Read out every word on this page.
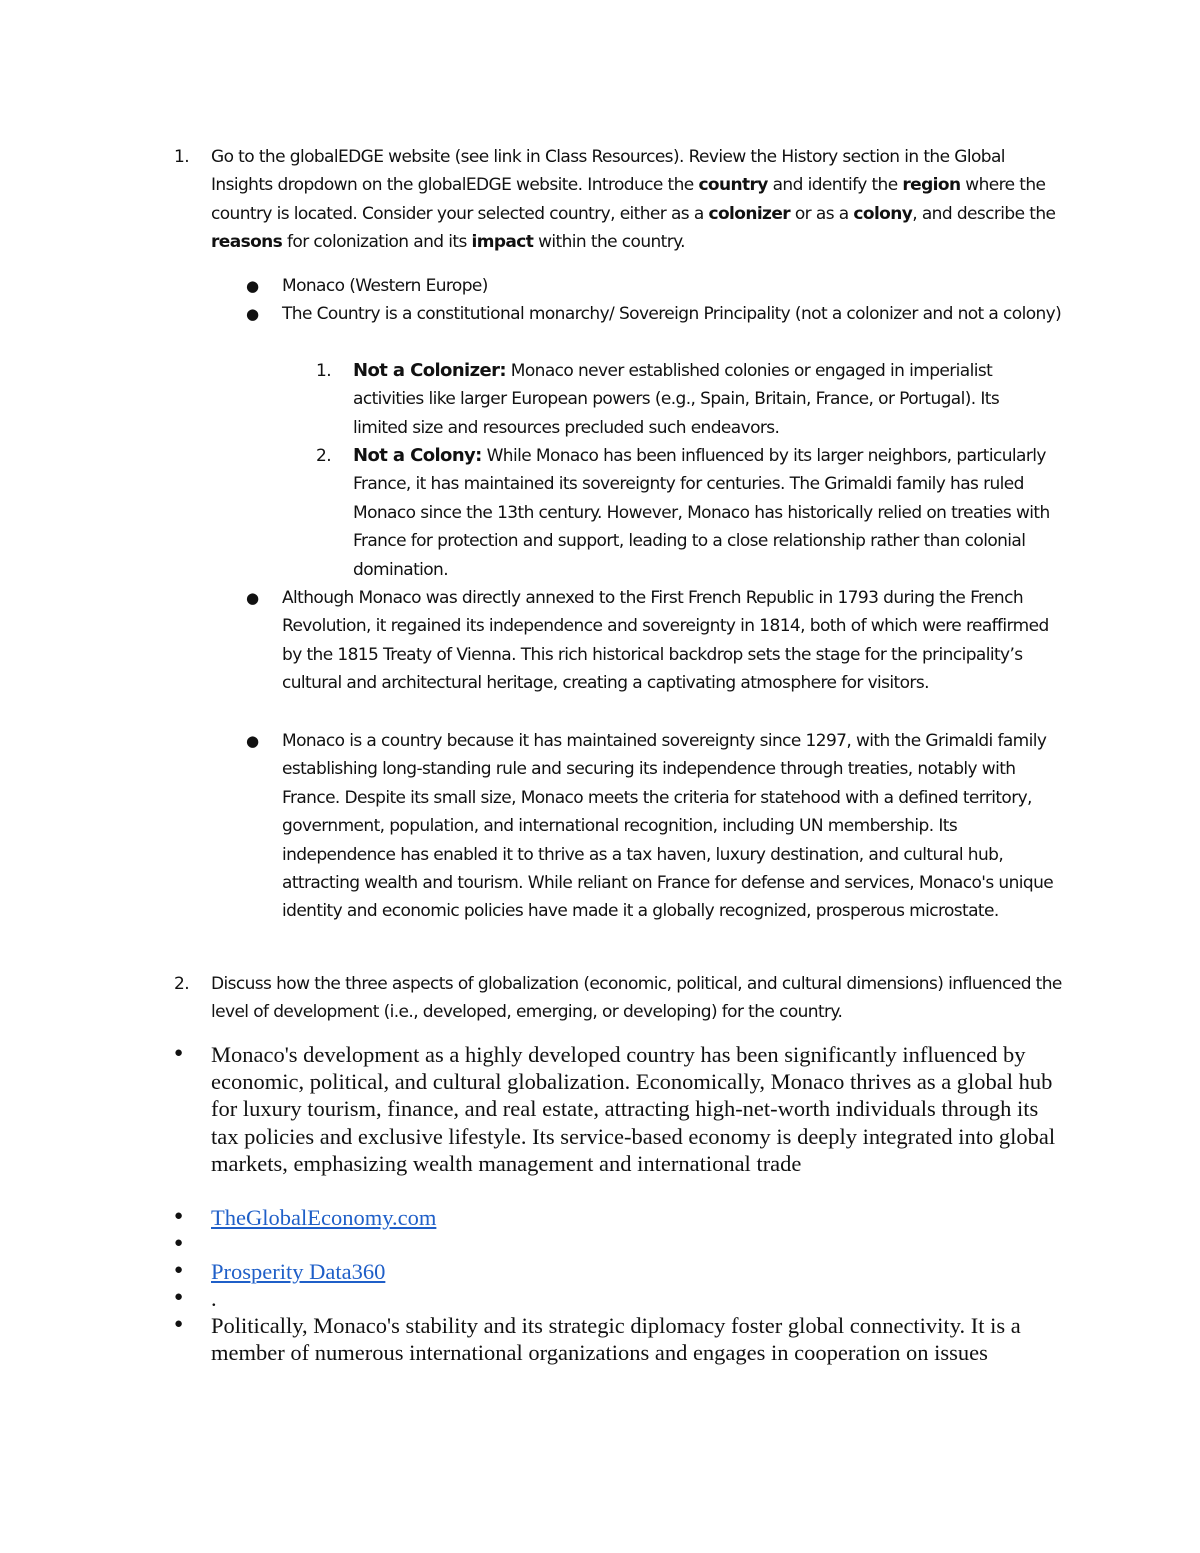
1. Go to the globalEDGE website (see link in Class Resources). Review the History section in the Global Insights dropdown on the globalEDGE website. Introduce the country and identify the region where the country is located. Consider your selected country, either as a colonizer or as a colony, and describe the reasons for colonization and its impact within the country.
● Monaco (Western Europe)
● The Country is a constitutional monarchy/ Sovereign Principality (not a colonizer and not a colony)
1. Not a Colonizer: Monaco never established colonies or engaged in imperialist activities like larger European powers (e.g., Spain, Britain, France, or Portugal). Its limited size and resources precluded such endeavors.
2. Not a Colony: While Monaco has been influenced by its larger neighbors, particularly France, it has maintained its sovereignty for centuries. The Grimaldi family has ruled Monaco since the 13th century. However, Monaco has historically relied on treaties with France for protection and support, leading to a close relationship rather than colonial domination.
● Although Monaco was directly annexed to the First French Republic in 1793 during the French Revolution, it regained its independence and sovereignty in 1814, both of which were reaffirmed by the 1815 Treaty of Vienna. This rich historical backdrop sets the stage for the principality’s cultural and architectural heritage, creating a captivating atmosphere for visitors.
● Monaco is a country because it has maintained sovereignty since 1297, with the Grimaldi family establishing long-standing rule and securing its independence through treaties, notably with France. Despite its small size, Monaco meets the criteria for statehood with a defined territory, government, population, and international recognition, including UN membership. Its independence has enabled it to thrive as a tax haven, luxury destination, and cultural hub, attracting wealth and tourism. While reliant on France for defense and services, Monaco's unique identity and economic policies have made it a globally recognized, prosperous microstate.
2. Discuss how the three aspects of globalization (economic, political, and cultural dimensions) influenced the level of development (i.e., developed, emerging, or developing) for the country.
● Monaco's development as a highly developed country has been significantly influenced by economic, political, and cultural globalization. Economically, Monaco thrives as a global hub for luxury tourism, finance, and real estate, attracting high-net-worth individuals through its tax policies and exclusive lifestyle. Its service-based economy is deeply integrated into global markets, emphasizing wealth management and international trade
● TheGlobalEconomy.com
●
● Prosperity Data360
● .
● Politically, Monaco's stability and its strategic diplomacy foster global connectivity. It is a member of numerous international organizations and engages in cooperation on issues
